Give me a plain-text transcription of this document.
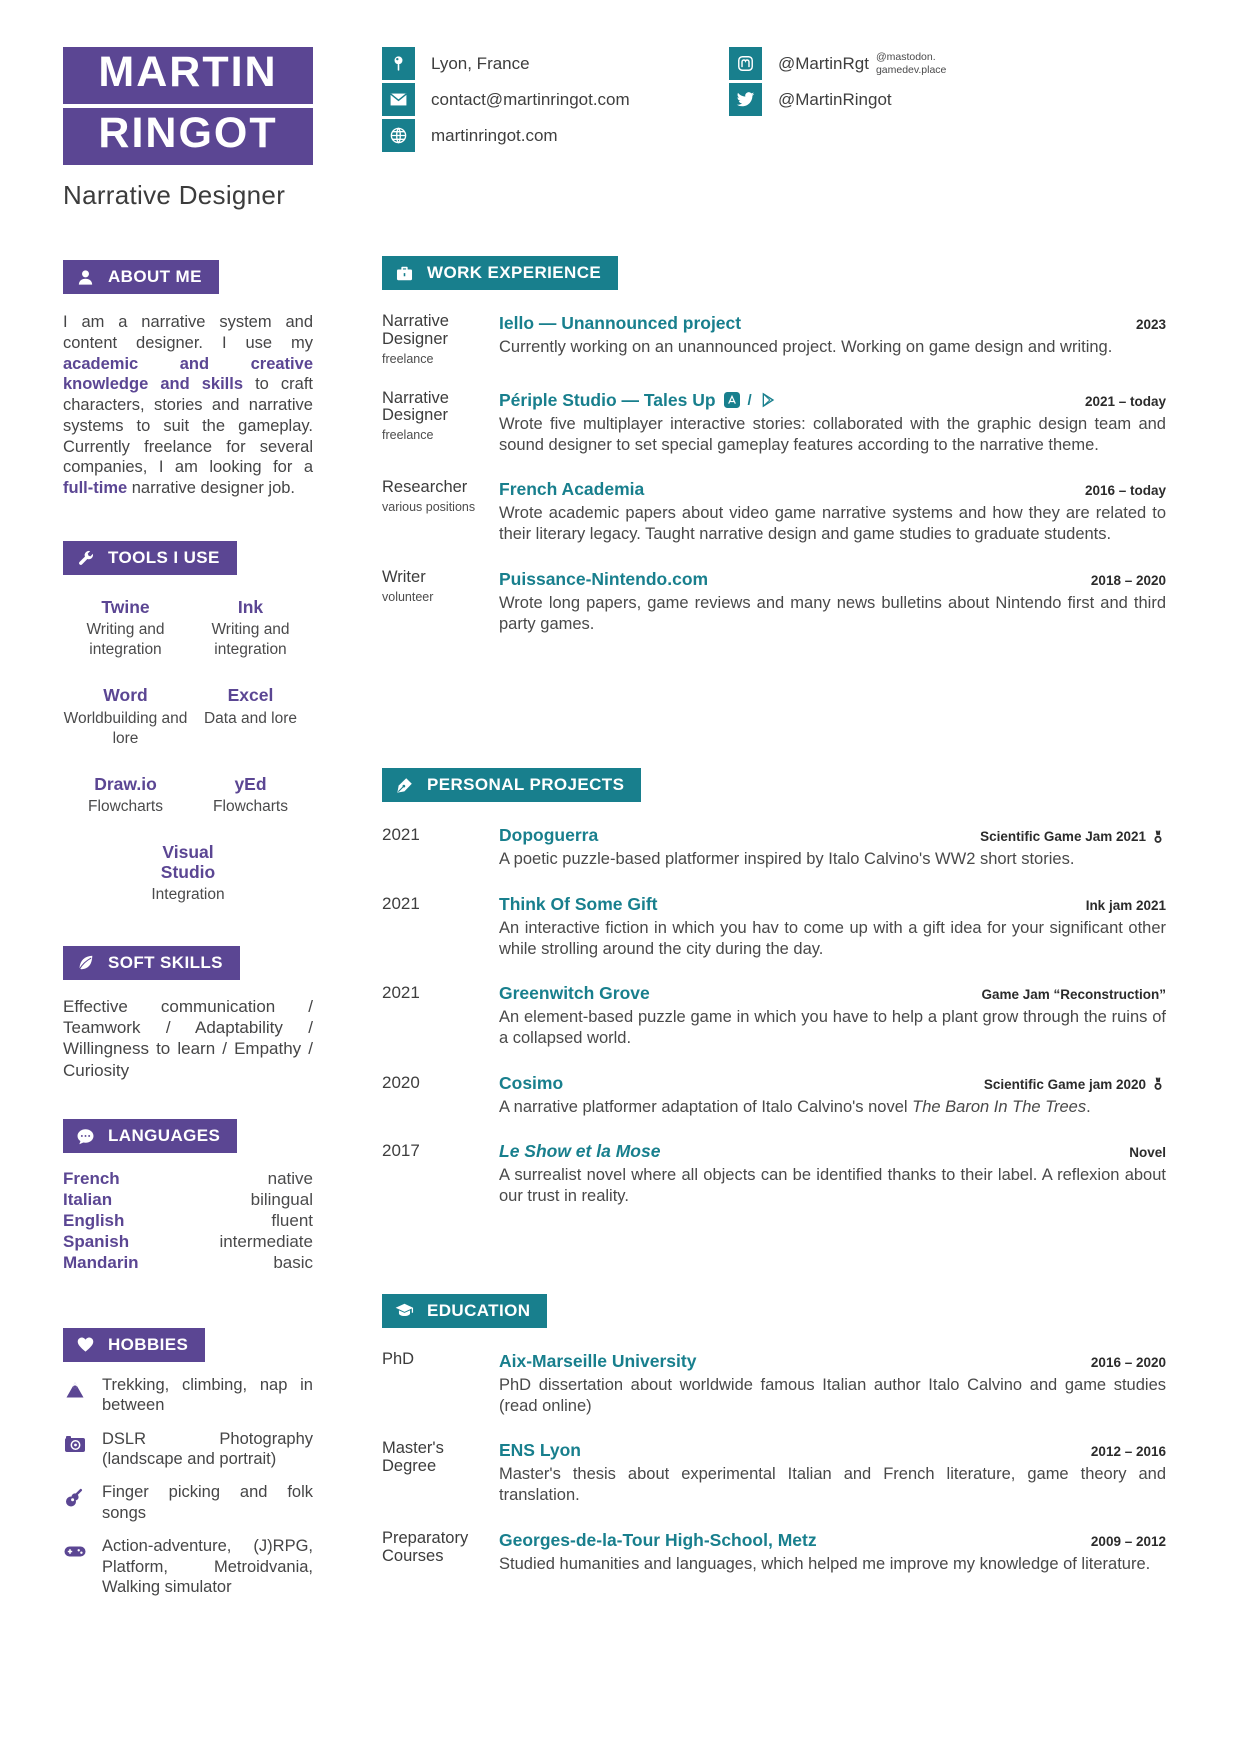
MARTIN
RINGOT
Narrative Designer
ABOUT ME

I am a narrative system and content designer. I use my academic and creative knowledge and skills to craft characters, stories and narrative systems to suit the gameplay. Currently freelance for several companies, I am looking for a full-time narrative designer job.

TOOLS I USE
Twine
Writing and integration
Ink
Writing and integration
Word
Worldbuilding and lore
Excel
Data and lore
Draw.io
Flowcharts
yEd
Flowcharts
Visual Studio
Integration
SOFT SKILLS

Effective communication / Teamwork / Adaptability / Willingness to learn / Empathy / Curiosity

LANGUAGES
French	native
Italian	bilingual
English	fluent
Spanish	intermediate
Mandarin	basic
HOBBIES

Trekking, climbing, nap in between

DSLR Photography (landscape and portrait)

Finger picking and folk songs

Action-adventure, (J)RPG, Platform, Metroidvania, Walking simulator

Lyon, France
contact@martinringot.com
martinringot.com
@MartinRgt @mastodon.
gamedev.place
@MartinRingot
WORK EXPERIENCE
Narrative Designer
freelance
Iello — Unannounced project	2023

Currently working on an unannounced project. Working on game design and writing.

Narrative Designer
freelance
Périple Studio — Tales Up /	2021 – today

Wrote five multiplayer interactive stories: collaborated with the graphic design team and sound designer to set special gameplay features according to the narrative theme.

Researcher
various positions
French Academia	2016 – today

Wrote academic papers about video game narrative systems and how they are related to their literary legacy. Taught narrative design and game studies to graduate students.

Writer
volunteer
Puissance-Nintendo.com	2018 – 2020

Wrote long papers, game reviews and many news bulletins about Nintendo first and third party games.

PERSONAL PROJECTS
2021	Dopoguerra	Scientific Game Jam 2021

A poetic puzzle-based platformer inspired by Italo Calvino's WW2 short stories.

2021	Think Of Some Gift	Ink jam 2021

An interactive fiction in which you hav to come up with a gift idea for your significant other while strolling around the city during the day.

2021	Greenwitch Grove	Game Jam “Reconstruction”

An element-based puzzle game in which you have to help a plant grow through the ruins of a collapsed world.

2020	Cosimo	Scientific Game jam 2020

A narrative platformer adaptation of Italo Calvino's novel The Baron In The Trees.

2017	Le Show et la Mose	Novel

A surrealist novel where all objects can be identified thanks to their label. A reflexion about our trust in reality.

EDUCATION
PhD	Aix-Marseille University	2016 – 2020

PhD dissertation about worldwide famous Italian author Italo Calvino and game studies (read online)

Master's Degree
ENS Lyon	2012 – 2016

Master's thesis about experimental Italian and French literature, game theory and translation.

Preparatory Courses
Georges-de-la-Tour High-School, Metz	2009 – 2012

Studied humanities and languages, which helped me improve my knowledge of literature.
